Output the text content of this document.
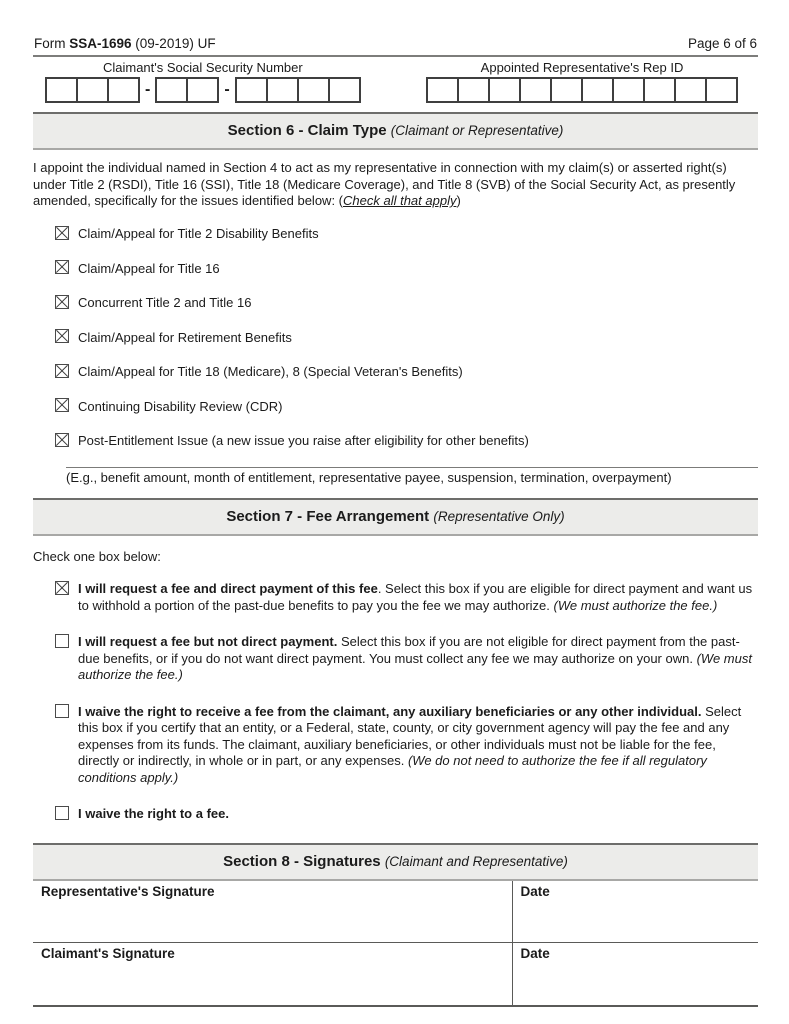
Form SSA-1696 (09-2019) UF	Page 6 of 6
Claimant's Social Security Number
-	-
Appointed Representative's Rep ID
Section 6 - Claim Type (Claimant or Representative)

I appoint the individual named in Section 4 to act as my representative in connection with my claim(s) or asserted right(s) under Title 2 (RSDI), Title 16 (SSI), Title 18 (Medicare Coverage), and Title 8 (SVB) of the Social Security Act, as presently amended, specifically for the issues identified below: (Check all that apply)

Claim/Appeal for Title 2 Disability Benefits
Claim/Appeal for Title 16
Concurrent Title 2 and Title 16
Claim/Appeal for Retirement Benefits
Claim/Appeal for Title 18 (Medicare), 8 (Special Veteran's Benefits)
Continuing Disability Review (CDR)
Post-Entitlement Issue (a new issue you raise after eligibility for other benefits)
(E.g., benefit amount, month of entitlement, representative payee, suspension, termination, overpayment)
Section 7 - Fee Arrangement (Representative Only)
Check one box below:
I will request a fee and direct payment of this fee. Select this box if you are eligible for direct payment and want us to withhold a portion of the past-due benefits to pay you the fee we may authorize. (We must authorize the fee.)
I will request a fee but not direct payment. Select this box if you are not eligible for direct payment from the past-due benefits, or if you do not want direct payment. You must collect any fee we may authorize on your own. (We must authorize the fee.)
I waive the right to receive a fee from the claimant, any auxiliary beneficiaries or any other individual. Select this box if you certify that an entity, or a Federal, state, county, or city government agency will pay the fee and any expenses from its funds. The claimant, auxiliary beneficiaries, or other individuals must not be liable for the fee, directly or indirectly, in whole or in part, or any expenses. (We do not need to authorize the fee if all regulatory conditions apply.)
I waive the right to a fee.
Section 8 - Signatures (Claimant and Representative)
Representative's Signature	Date
Claimant's Signature	Date
